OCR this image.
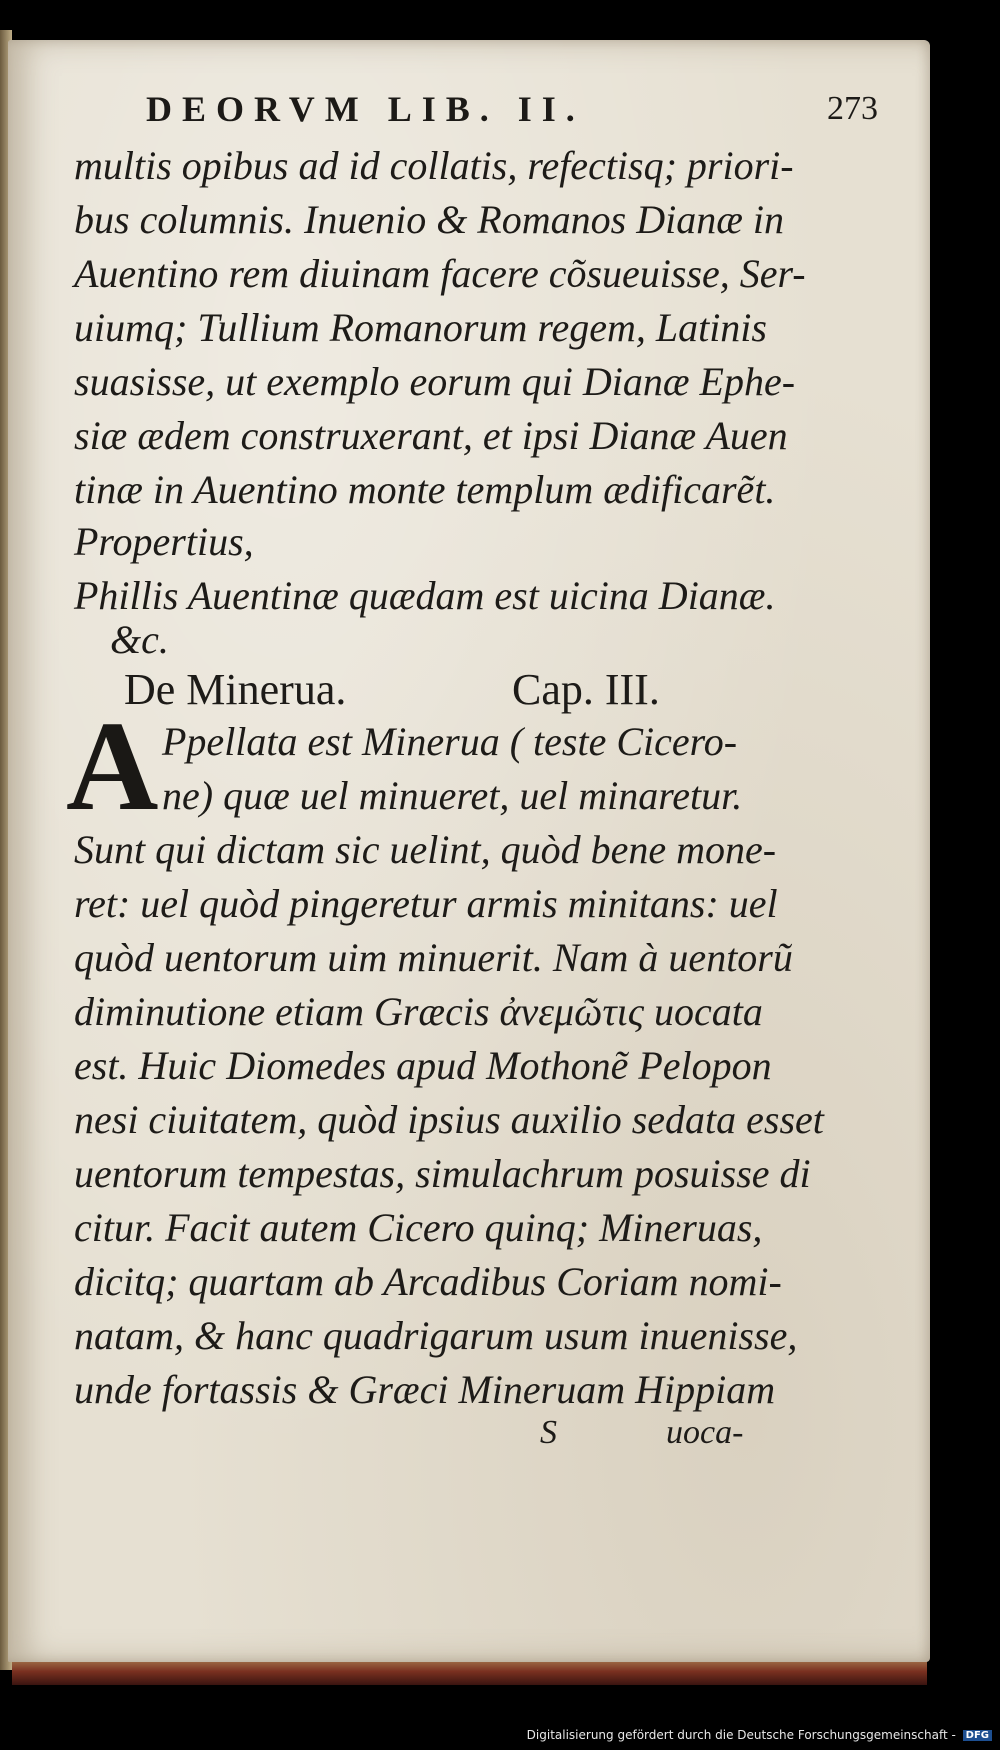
DEORVM LIB. II.	273
multis opibus ad id collatis, refectisq; priori-
bus columnis. Inuenio & Romanos Dianæ in
Auentino rem diuinam facere cõsueuisse, Ser-
uiumq; Tullium Romanorum regem, Latinis
suasisse, ut exemplo eorum qui Dianæ Ephe-
siæ ædem construxerant, et ipsi Dianæ Auen
tinæ in Auentino monte templum ædificarẽt.
Propertius,
Phillis Auentinæ quædam est uicina Dianæ.
&c.
De Minerua.	Cap. III.
A Ppellata est Minerua ( teste Cicero-
ne) quæ uel minueret, uel minaretur.
Sunt qui dictam sic uelint, quòd bene mone-
ret: uel quòd pingeretur armis minitans: uel
quòd uentorum uim minuerit. Nam à uentorũ
diminutione etiam Græcis ἀνεμῶτις uocata
est. Huic Diomedes apud Mothonẽ Pelopon
nesi ciuitatem, quòd ipsius auxilio sedata esset
uentorum tempestas, simulachrum posuisse di
citur. Facit autem Cicero quinq; Mineruas,
dicitq; quartam ab Arcadibus Coriam nomi-
natam, & hanc quadrigarum usum inuenisse,
unde fortassis & Græci Mineruam Hippiam
S	uoca-
Digitalisierung gefördert durch die Deutsche Forschungsgemeinschaft - DFG
